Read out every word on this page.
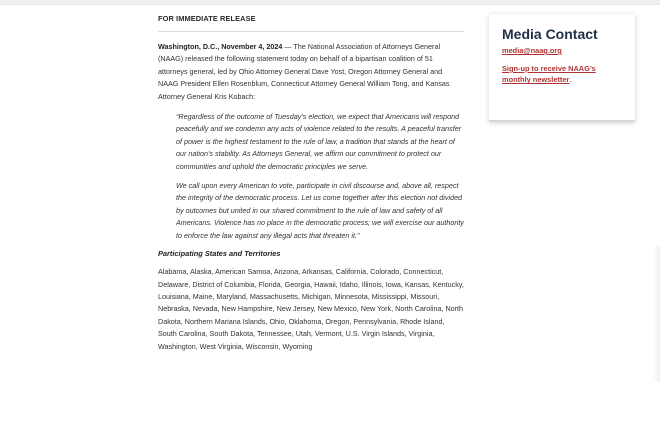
FOR IMMEDIATE RELEASE

Washington, D.C., November 4, 2024 — The National Association of Attorneys General (NAAG) released the following statement today on behalf of a bipartisan coalition of 51 attorneys general, led by Ohio Attorney General Dave Yost, Oregon Attorney General and NAAG President Ellen Rosenblum, Connecticut Attorney General William Tong, and Kansas Attorney General Kris Kobach:

“Regardless of the outcome of Tuesday’s election, we expect that Americans will respond peacefully and we condemn any acts of violence related to the results. A peaceful transfer of power is the highest testament to the rule of law, a tradition that stands at the heart of our nation’s stability. As Attorneys General, we affirm our commitment to protect our communities and uphold the democratic principles we serve.

We call upon every American to vote, participate in civil discourse and, above all, respect the integrity of the democratic process. Let us come together after this election not divided by outcomes but united in our shared commitment to the rule of law and safety of all Americans. Violence has no place in the democratic process; we will exercise our authority to enforce the law against any illegal acts that threaten it.”

Participating States and Territories

Alabama, Alaska, American Samoa, Arizona, Arkansas, California, Colorado, Connecticut, Delaware, District of Columbia, Florida, Georgia, Hawaii, Idaho, Illinois, Iowa, Kansas, Kentucky, Louisiana, Maine, Maryland, Massachusetts, Michigan, Minnesota, Mississippi, Missouri, Nebraska, Nevada, New Hampshire, New Jersey, New Mexico, New York, North Carolina, North Dakota, Northern Mariana Islands, Ohio, Oklahoma, Oregon, Pennsylvania, Rhode Island, South Carolina, South Dakota, Tennessee, Utah, Vermont, U.S. Virgin Islands, Virginia, Washington, West Virginia, Wisconsin, Wyoming

Media Contact
media@naag.org
Sign-up to receive NAAG’s monthly newsletter.
